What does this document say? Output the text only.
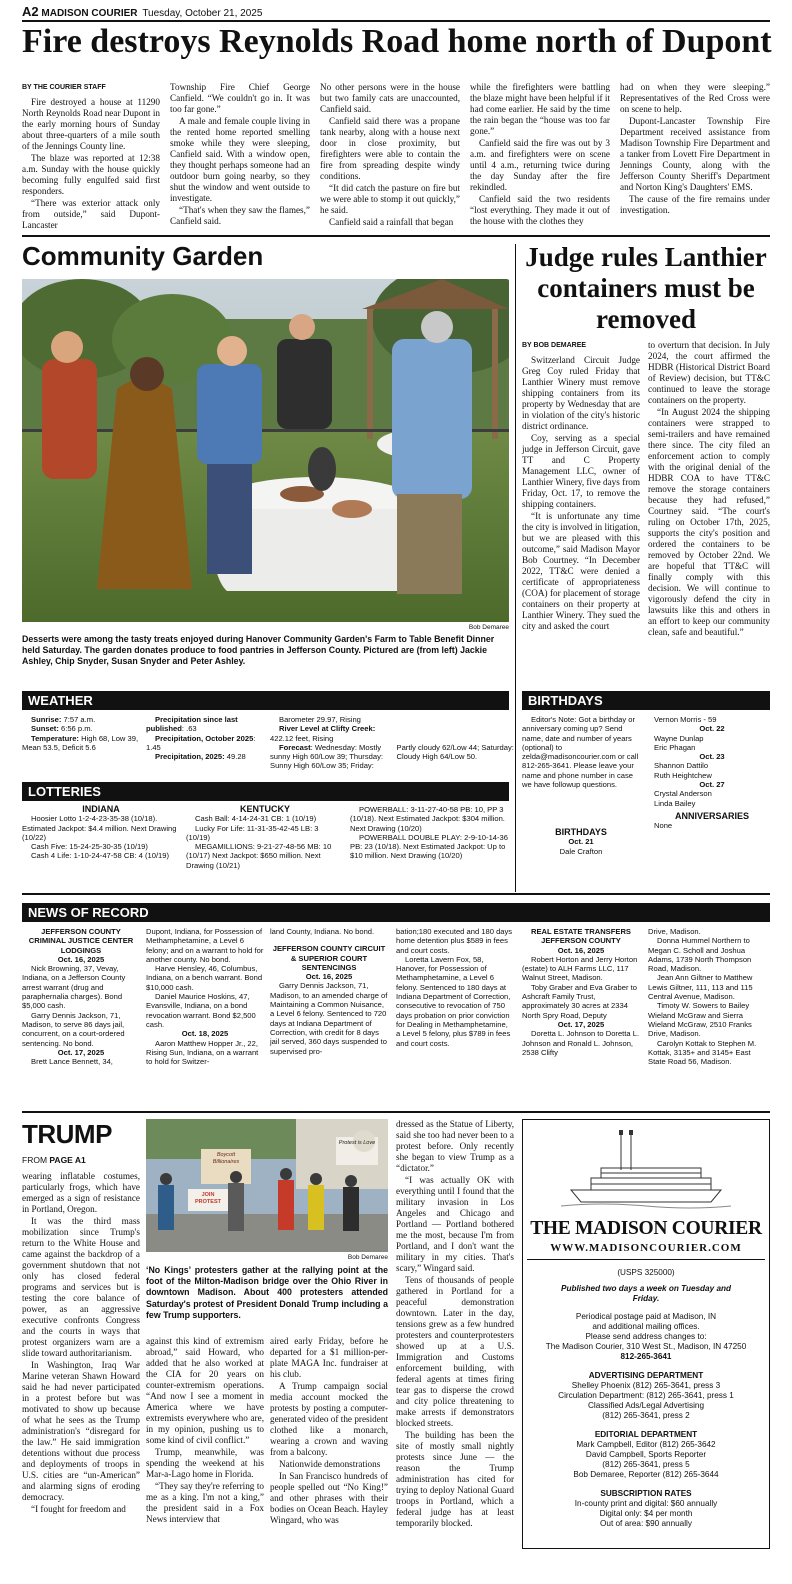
A2 MADISON COURIER Tuesday, October 21, 2025
Fire destroys Reynolds Road home north of Dupont
BY THE COURIER STAFF

Fire destroyed a house at 11290 North Reynolds Road near Dupont in the early morning hours of Sunday about three-quarters of a mile south of the Jennings County line.

The blaze was reported at 12:38 a.m. Sunday with the house quickly becoming fully engulfed said first responders.

“There was exterior attack only from outside,” said Dupont-Lancaster

Township Fire Chief George Canfield. “We couldn't go in. It was too far gone.”

A male and female couple living in the rented home reported smelling smoke while they were sleeping, Canfield said. With a window open, they thought perhaps someone had an outdoor burn going nearby, so they shut the window and went outside to investigate.

“That's when they saw the flames,” Canfield said.

No other persons were in the house but two family cats are unaccounted, Canfield said.

Canfield said there was a propane tank nearby, along with a house next door in close proximity, but firefighters were able to contain the fire from spreading despite windy conditions.

“It did catch the pasture on fire but we were able to stomp it out quickly,” he said.

Canfield said a rainfall that began

while the firefighters were battling the blaze might have been helpful if it had come earlier. He said by the time the rain began the “house was too far gone.”

Canfield said the fire was out by 3 a.m. and firefighters were on scene until 4 a.m., returning twice during the day Sunday after the fire rekindled.

Canfield said the two residents “lost everything. They made it out of the house with the clothes they

had on when they were sleeping.” Representatives of the Red Cross were on scene to help.

Dupont-Lancaster Township Fire Department received assistance from Madison Township Fire Department and a tanker from Lovett Fire Department in Jennings County, along with the Jefferson County Sheriff's Department and Norton King's Daughters' EMS.

The cause of the fire remains under investigation.

Community Garden
Bob Demaree
Desserts were among the tasty treats enjoyed during Hanover Community Garden's Farm to Table Benefit Dinner held Saturday. The garden donates produce to food pantries in Jefferson County. Pictured are (from left) Jackie Ashley, Chip Snyder, Susan Snyder and Peter Ashley.
Judge rules Lanthier containers must be removed
BY BOB DEMAREE

Switzerland Circuit Judge Greg Coy ruled Friday that Lanthier Winery must remove shipping containers from its property by Wednesday that are in violation of the city's historic district ordinance.

Coy, serving as a special judge in Jefferson Circuit, gave TT and C Property Management LLC, owner of Lanthier Winery, five days from Friday, Oct. 17, to remove the shipping containers.

“It is unfortunate any time the city is involved in litigation, but we are pleased with this outcome,” said Madison Mayor Bob Courtney. “In December 2022, TT&C were denied a certificate of appropriateness (COA) for placement of storage containers on their property at Lanthier Winery. They sued the city and asked the court

to overturn that decision. In July 2024, the court affirmed the HDBR (Historical District Board of Review) decision, but TT&C continued to leave the storage containers on the property.

“In August 2024 the shipping containers were strapped to semi-trailers and have remained there since. The city filed an enforcement action to comply with the original denial of the HDBR COA to have TT&C remove the storage containers because they had refused,” Courtney said. “The court's ruling on October 17th, 2025, supports the city's position and ordered the containers to be removed by October 22nd. We are hopeful that TT&C will finally comply with this decision. We will continue to vigorously defend the city in lawsuits like this and others in an effort to keep our community clean, safe and beautiful.”

WEATHER
Sunrise: 7:57 a.m.
Sunset: 6:56 p.m.
Temperature: High 68, Low 39, Mean 53.5, Deficit 5.6
Precipitation since last published: .63
Precipitation, October 2025: 1.45
Precipitation, 2025: 49.28
Barometer 29.97, Rising
River Level at Clifty Creek: 422.12 feet, Rising
Forecast: Wednesday: Mostly sunny High 60/Low 39; Thursday: Sunny High 60/Low 35; Friday: Partly cloudy 62/Low 44; Saturday: Cloudy High 64/Low 50.
LOTTERIES
INDIANA
Hoosier Lotto 1-2-4-23-35-38 (10/18). Estimated Jackpot: $4.4 million. Next Drawing (10/22)
Cash Five: 15-24-25-30-35 (10/19)
Cash 4 Life: 1-10-24-47-58 CB: 4 (10/19)
KENTUCKY
Cash Ball: 4-14-24-31 CB: 1 (10/19)
Lucky For Life: 11-31-35-42-45 LB: 3 (10/19)
MEGAMILLIONS: 9-21-27-48-56 MB: 10 (10/17) Next Jackpot: $650 million. Next Drawing (10/21)
POWERBALL: 3-11-27-40-58 PB: 10, PP 3 (10/18). Next Estimated Jackpot: $304 million. Next Drawing (10/20)
POWERBALL DOUBLE PLAY: 2-9-10-14-36 PB: 23 (10/18). Next Estimated Jackpot: Up to $10 million. Next Drawing (10/20)
BIRTHDAYS
Editor's Note: Got a birthday or anniversary coming up? Send name, date and number of years (optional) to zelda@madisoncourier.com or call 812-265-3641. Please leave your name and phone number in case we have followup questions.
BIRTHDAYS
Oct. 21
Dale Crafton
Vernon Morris - 59
Oct. 22
Wayne Dunlap
Eric Phagan
Oct. 23
Shannon Dattilo
Ruth Heightchew
Oct. 27
Crystal Anderson
Linda Bailey
ANNIVERSARIES
None
NEWS OF RECORD
JEFFERSON COUNTY CRIMINAL JUSTICE CENTER LODGINGS
Oct. 16, 2025
Nick Browning, 37, Vevay, Indiana, on a Jefferson County arrest warrant (drug and paraphernalia charges). Bond $5,000 cash.
Garry Dennis Jackson, 71, Madison, to serve 86 days jail, concurrent, on a court-ordered sentencing. No bond.
Oct. 17, 2025
Brett Lance Bennett, 34,
Dupont, Indiana, for Possession of Methamphetamine, a Level 6 felony; and on a warrant to hold for another county. No bond.
Harve Hensley, 46, Columbus, Indiana, on a bench warrant. Bond $10,000 cash.
Daniel Maurice Hoskins, 47, Evansville, Indiana, on a bond revocation warrant. Bond $2,500 cash.
Oct. 18, 2025
Aaron Matthew Hopper Jr., 22, Rising Sun, Indiana, on a warrant to hold for Switzer-
land County, Indiana. No bond.
JEFFERSON COUNTY CIRCUIT & SUPERIOR COURT SENTENCINGS
Oct. 16, 2025
Garry Dennis Jackson, 71, Madison, to an amended charge of Maintaining a Common Nuisance, a Level 6 felony. Sentenced to 720 days at Indiana Department of Correction, with credit for 8 days jail served, 360 days suspended to supervised pro-
bation;180 executed and 180 days home detention plus $589 in fees and court costs.
Loretta Lavern Fox, 58, Hanover, for Possession of Methamphetamine, a Level 6 felony. Sentenced to 180 days at Indiana Department of Correction, consecutive to revocation of 750 days probation on prior conviction for Dealing in Methamphetamine, a Level 5 felony, plus $789 in fees and court costs.
REAL ESTATE TRANSFERS JEFFERSON COUNTY
Oct. 16, 2025
Robert Horton and Jerry Horton (estate) to ALH Farms LLC, 117 Walnut Street, Madison.
Toby Graber and Eva Graber to Ashcraft Family Trust, approximately 30 acres at 2334 North Spry Road, Deputy
Oct. 17, 2025
Doretta L. Johnson to Doretta L. Johnson and Ronald L. Johnson, 2538 Clifty
Drive, Madison.
Donna Hummel Northern to Megan C. Scholl and Joshua Adams, 1739 North Thompson Road, Madison.
Jean Ann Giltner to Matthew Lewis Giltner, 111, 113 and 115 Central Avenue, Madison.
Timoty W. Sowers to Bailey Wieland McGraw and Sierra Wieland McGraw, 2510 Franks Drive, Madison.
Carolyn Kottak to Stephen M. Kottak, 3135+ and 3145+ East State Road 56, Madison.
TRUMP
FROM PAGE A1

wearing inflatable costumes, particularly frogs, which have emerged as a sign of resistance in Portland, Oregon.

It was the third mass mobilization since Trump's return to the White House and came against the backdrop of a government shutdown that not only has closed federal programs and services but is testing the core balance of power, as an aggressive executive confronts Congress and the courts in ways that protest organizers warn are a slide toward authoritarianism.

In Washington, Iraq War Marine veteran Shawn Howard said he had never participated in a protest before but was motivated to show up because of what he sees as the Trump administration's “disregard for the law.” He said immigration detentions without due process and deployments of troops in U.S. cities are “un-American” and alarming signs of eroding democracy.

“I fought for freedom and

Boycott Billionaires
JOIN PROTEST
Protest is Love
Bob Demaree
‘No Kings’ protesters gather at the rallying point at the foot of the Milton-Madison bridge over the Ohio River in downtown Madison. About 400 protesters attended Saturday's protest of President Donald Trump including a few Trump supporters.

against this kind of extremism abroad,” said Howard, who added that he also worked at the CIA for 20 years on counter-extremism operations. “And now I see a moment in America where we have extremists everywhere who are, in my opinion, pushing us to some kind of civil conflict.”

Trump, meanwhile, was spending the weekend at his Mar-a-Lago home in Florida.

“They say they're referring to me as a king. I'm not a king,” the president said in a Fox News interview that

aired early Friday, before he departed for a $1 million-per-plate MAGA Inc. fundraiser at his club.

A Trump campaign social media account mocked the protests by posting a computer-generated video of the president clothed like a monarch, wearing a crown and waving from a balcony.

Nationwide demonstrations

In San Francisco hundreds of people spelled out “No King!” and other phrases with their bodies on Ocean Beach. Hayley Wingard, who was

dressed as the Statue of Liberty, said she too had never been to a protest before. Only recently she began to view Trump as a “dictator.”

“I was actually OK with everything until I found that the military invasion in Los Angeles and Chicago and Portland — Portland bothered me the most, because I'm from Portland, and I don't want the military in my cities. That's scary,” Wingard said.

Tens of thousands of people gathered in Portland for a peaceful demonstration downtown. Later in the day, tensions grew as a few hundred protesters and counterprotesters showed up at a U.S. Immigration and Customs enforcement building, with federal agents at times firing tear gas to disperse the crowd and city police threatening to make arrests if demonstrators blocked streets.

The building has been the site of mostly small nightly protests since June — the reason the Trump administration has cited for trying to deploy National Guard troops in Portland, which a federal judge has at least temporarily blocked.

THE MADISON COURIER
WWW.MADISONCOURIER.COM
(USPS 325000)
Published two days a week on Tuesday and Friday.
Periodical postage paid at Madison, IN
and additional mailing offices.
Please send address changes to:
The Madison Courier, 310 West St., Madison, IN 47250
812-265-3641
ADVERTISING DEPARTMENT
Shelley Phoenix (812) 265-3641, press 3
Circulation Department: (812) 265-3641, press 1
Classified Ads/Legal Advertising
(812) 265-3641, press 2
EDITORIAL DEPARTMENT
Mark Campbell, Editor (812) 265-3642
David Campbell, Sports Reporter
(812) 265-3641, press 5
Bob Demaree, Reporter (812) 265-3644
SUBSCRIPTION RATES
In-county print and digital: $60 annually
Digital only: $4 per month
Out of area: $90 annually
